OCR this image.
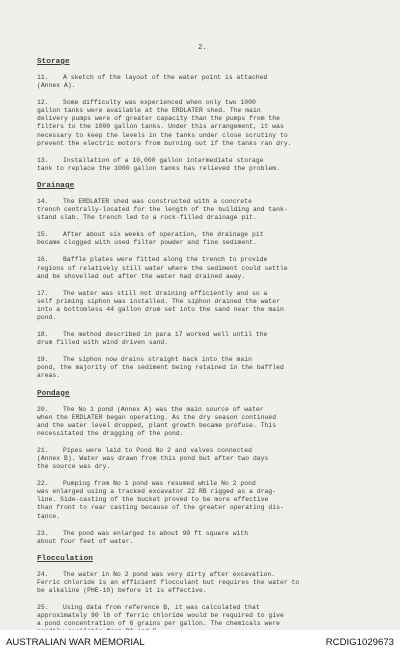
2.
Storage
11. A sketch of the layout of the water point is attached
(Annex A).
12. Some difficulty was experienced when only two 1000
gallon tanks were available at the ERDLATER shed. The main
delivery pumps were of greater capacity than the pumps from the
filters to the 1000 gallon tanks. Under this arrangement, it was
necessary to keep the levels in the tanks under close scrutiny to
prevent the electric motors from burning out if the tanks ran dry.
13. Installation of a 10,000 gallon intermediate storage
tank to replace the 1000 gallon tanks has relieved the problem.
Drainage
14. The ERDLATER shed was constructed with a concrete
trench centrally-located for the length of the building and tank-
stand slab. The trench led to a rock-filled drainage pit.
15. After about six weeks of operation, the drainage pit
became clogged with used filter powder and fine sediment.
16. Baffle plates were fitted along the trench to provide
regions of relatively still water where the sediment could settle
and be shovelled out after the water had drained away.
17. The water was still not draining efficiently and so a
self priming siphon was installed. The siphon drained the water
into a bottomless 44 gallon drum set into the sand near the main
pond.
18. The method described in para 17 worked well until the
drum filled with wind driven sand.
19. The siphon now drains straight back into the main
pond, the majority of the sediment being retained in the baffled
areas.
Pondage
20. The No 1 pond (Annex A) was the main source of water
when the ERDLATER began operating. As the dry season continued
and the water level dropped, plant growth became profuse. This
necessitated the dragging of the pond.
21. Pipes were laid to Pond No 2 and valves connected
(Annex B). Water was drawn from this pond but after two days
the source was dry.
22. Pumping from No 1 pond was resumed while No 2 pond
was enlarged using a tracked excavator 22 RB rigged as a drag-
line. Side-casting of the bucket proved to be more effective
than front to rear casting because of the greater operating dis-
tance.
23. The pond was enlarged to about 90 ft square with
about four feet of water.
Flocculation
24. The water in No 2 pond was very dirty after excavation.
Ferric chloride is an efficient flocculant but requires the water to
be alkaline (PHE-10) before it is effective.
25. Using data from reference B, it was calculated that
approximately 90 lb of ferric chloride would be required to give
a pond concentration of 6 grains per gallon. The chemicals were

AUSTRALIAN WAR MEMORIAL	RCDIG1029673
